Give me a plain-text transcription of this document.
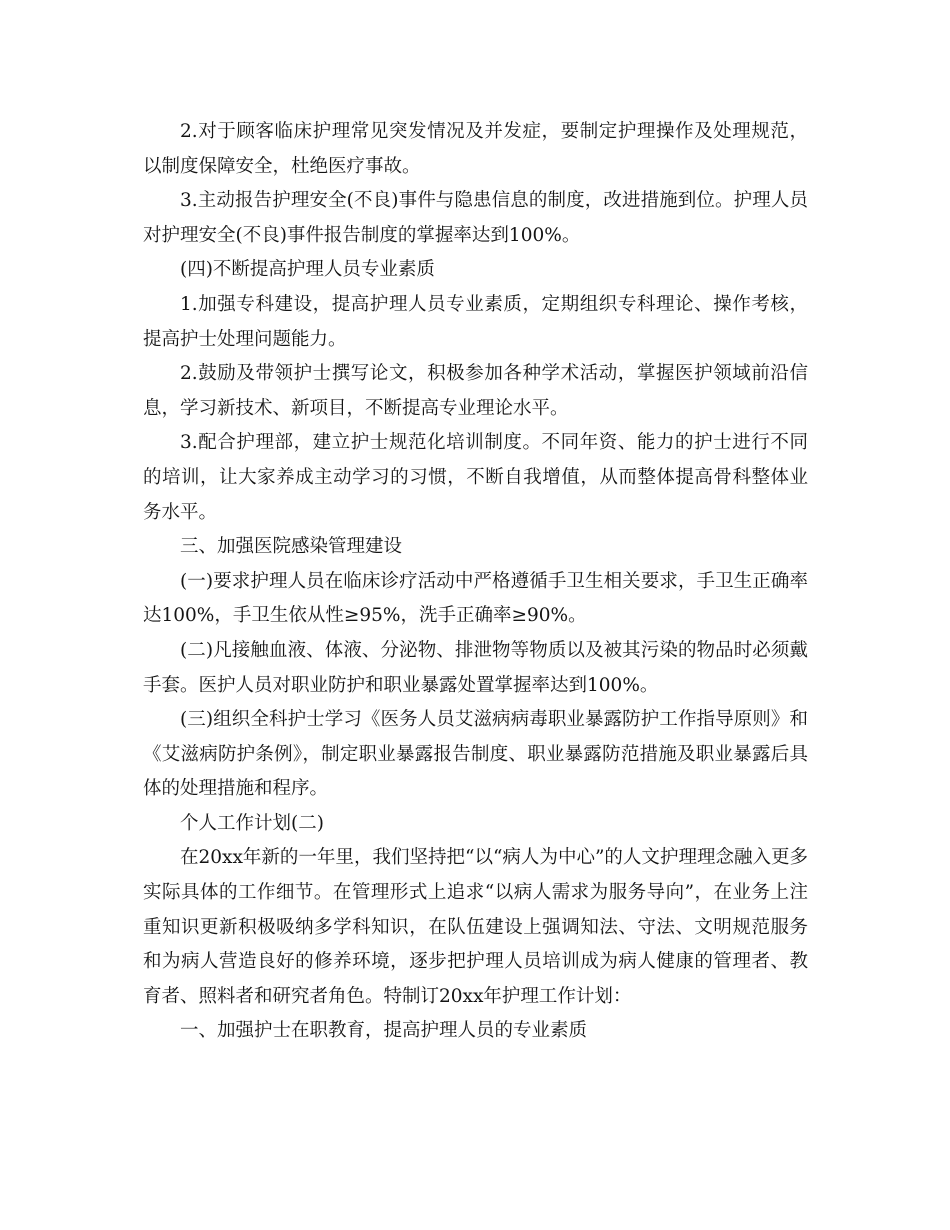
2.对于顾客临床护理常见突发情况及并发症，要制定护理操作及处理规范，以制度保障安全，杜绝医疗事故。

3.主动报告护理安全(不良)事件与隐患信息的制度，改进措施到位。护理人员对护理安全(不良)事件报告制度的掌握率达到100%。

(四)不断提高护理人员专业素质

1.加强专科建设，提高护理人员专业素质，定期组织专科理论、操作考核，提高护士处理问题能力。

2.鼓励及带领护士撰写论文，积极参加各种学术活动，掌握医护领域前沿信息，学习新技术、新项目，不断提高专业理论水平。

3.配合护理部，建立护士规范化培训制度。不同年资、能力的护士进行不同的培训，让大家养成主动学习的习惯，不断自我增值，从而整体提高骨科整体业务水平。

三、加强医院感染管理建设

(一)要求护理人员在临床诊疗活动中严格遵循手卫生相关要求，手卫生正确率达100%，手卫生依从性≥95%，洗手正确率≥90%。

(二)凡接触血液、体液、分泌物、排泄物等物质以及被其污染的物品时必须戴手套。医护人员对职业防护和职业暴露处置掌握率达到100%。

(三)组织全科护士学习《医务人员艾滋病病毒职业暴露防护工作指导原则》和《艾滋病防护条例》，制定职业暴露报告制度、职业暴露防范措施及职业暴露后具体的处理措施和程序。

个人工作计划(二)

在20xx年新的一年里，我们坚持把“以“病人为中心”的人文护理理念融入更多实际具体的工作细节。在管理形式上追求“以病人需求为服务导向”，在业务上注重知识更新积极吸纳多学科知识，在队伍建设上强调知法、守法、文明规范服务和为病人营造良好的修养环境，逐步把护理人员培训成为病人健康的管理者、教育者、照料者和研究者角色。特制订20xx年护理工作计划：

一、加强护士在职教育，提高护理人员的专业素质
